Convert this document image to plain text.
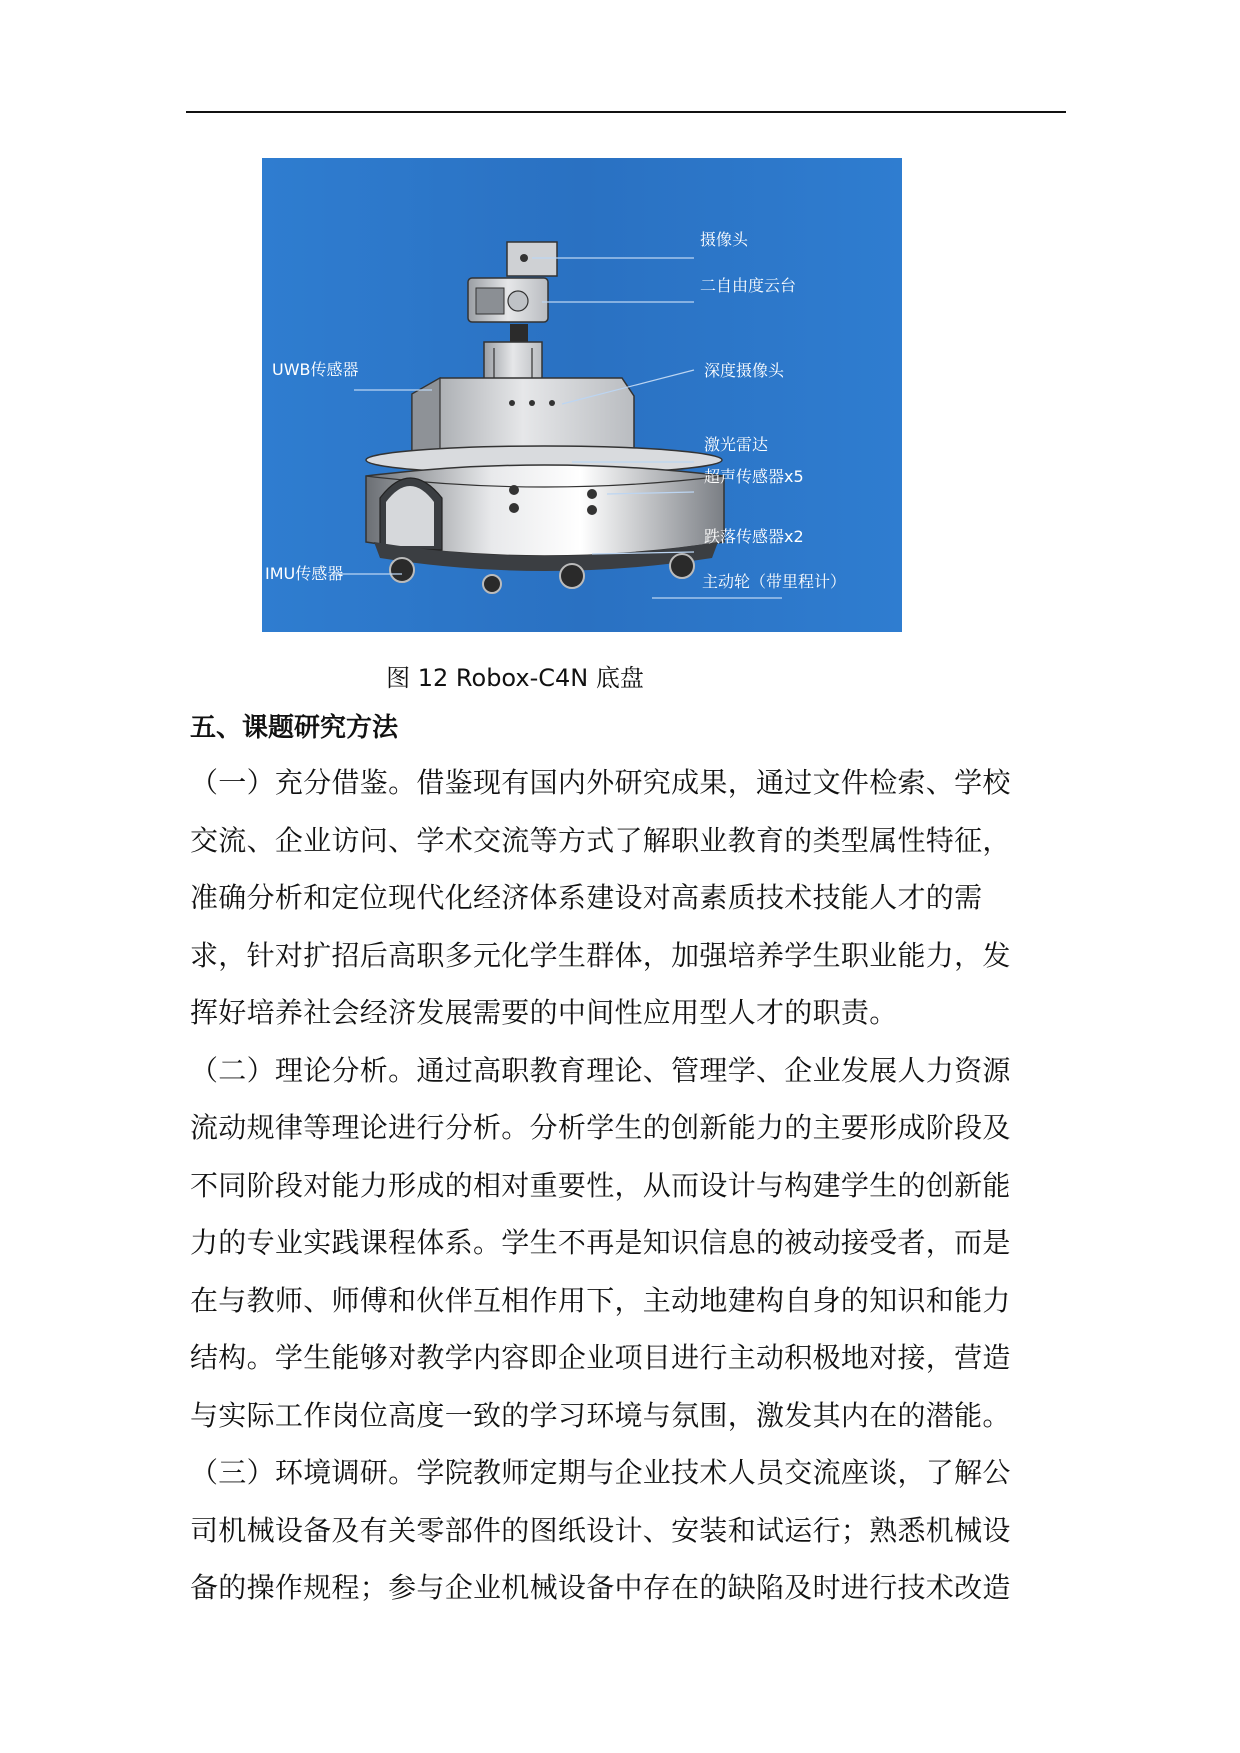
摄像头
二自由度云台
UWB传感器	深度摄像头
激光雷达
超声传感器x5
跌落传感器x2
IMU传感器	主动轮（带里程计）
图 12 Robox-C4N 底盘
五、课题研究方法
（一）充分借鉴。借鉴现有国内外研究成果，通过文件检索、学校
交流、企业访问、学术交流等方式了解职业教育的类型属性特征，
准确分析和定位现代化经济体系建设对高素质技术技能人才的需
求，针对扩招后高职多元化学生群体，加强培养学生职业能力，发
挥好培养社会经济发展需要的中间性应用型人才的职责。
（二）理论分析。通过高职教育理论、管理学、企业发展人力资源
流动规律等理论进行分析。分析学生的创新能力的主要形成阶段及
不同阶段对能力形成的相对重要性，从而设计与构建学生的创新能
力的专业实践课程体系。学生不再是知识信息的被动接受者，而是
在与教师、师傅和伙伴互相作用下，主动地建构自身的知识和能力
结构。学生能够对教学内容即企业项目进行主动积极地对接，营造
与实际工作岗位高度一致的学习环境与氛围，激发其内在的潜能。
（三）环境调研。学院教师定期与企业技术人员交流座谈，了解公
司机械设备及有关零部件的图纸设计、安装和试运行；熟悉机械设
备的操作规程；参与企业机械设备中存在的缺陷及时进行技术改造
